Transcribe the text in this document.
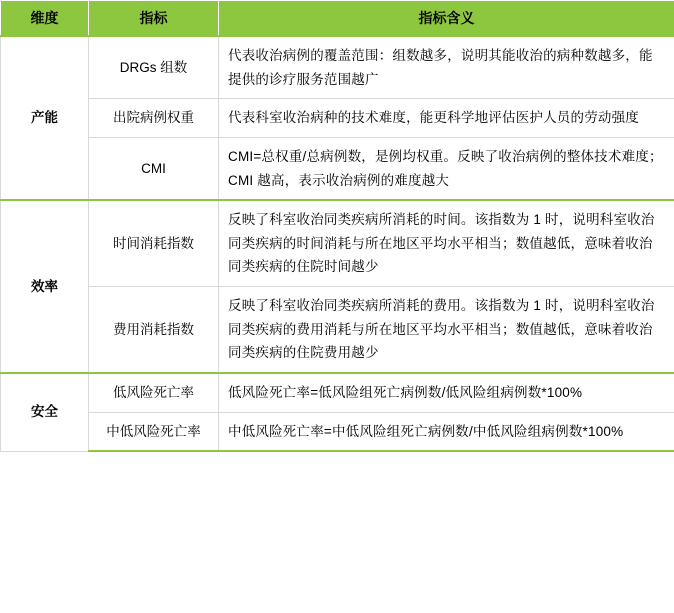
维度	指标	指标含义
产能	DRGs 组数	代表收治病例的覆盖范围：组数越多，说明其能收治的病种数越多，能提供的诊疗服务范围越广
	出院病例权重	代表科室收治病种的技术难度，能更科学地评估医护人员的劳动强度
	CMI	CMI=总权重/总病例数，是例均权重。反映了收治病例的整体技术难度；CMI 越高，表示收治病例的难度越大
效率	时间消耗指数	反映了科室收治同类疾病所消耗的时间。该指数为 1 时，说明科室收治同类疾病的时间消耗与所在地区平均水平相当；数值越低，意味着收治同类疾病的住院时间越少
	费用消耗指数	反映了科室收治同类疾病所消耗的费用。该指数为 1 时，说明科室收治同类疾病的费用消耗与所在地区平均水平相当；数值越低，意味着收治同类疾病的住院费用越少
安全	低风险死亡率	低风险死亡率=低风险组死亡病例数/低风险组病例数*100%
	中低风险死亡率	中低风险死亡率=中低风险组死亡病例数/中低风险组病例数*100%
